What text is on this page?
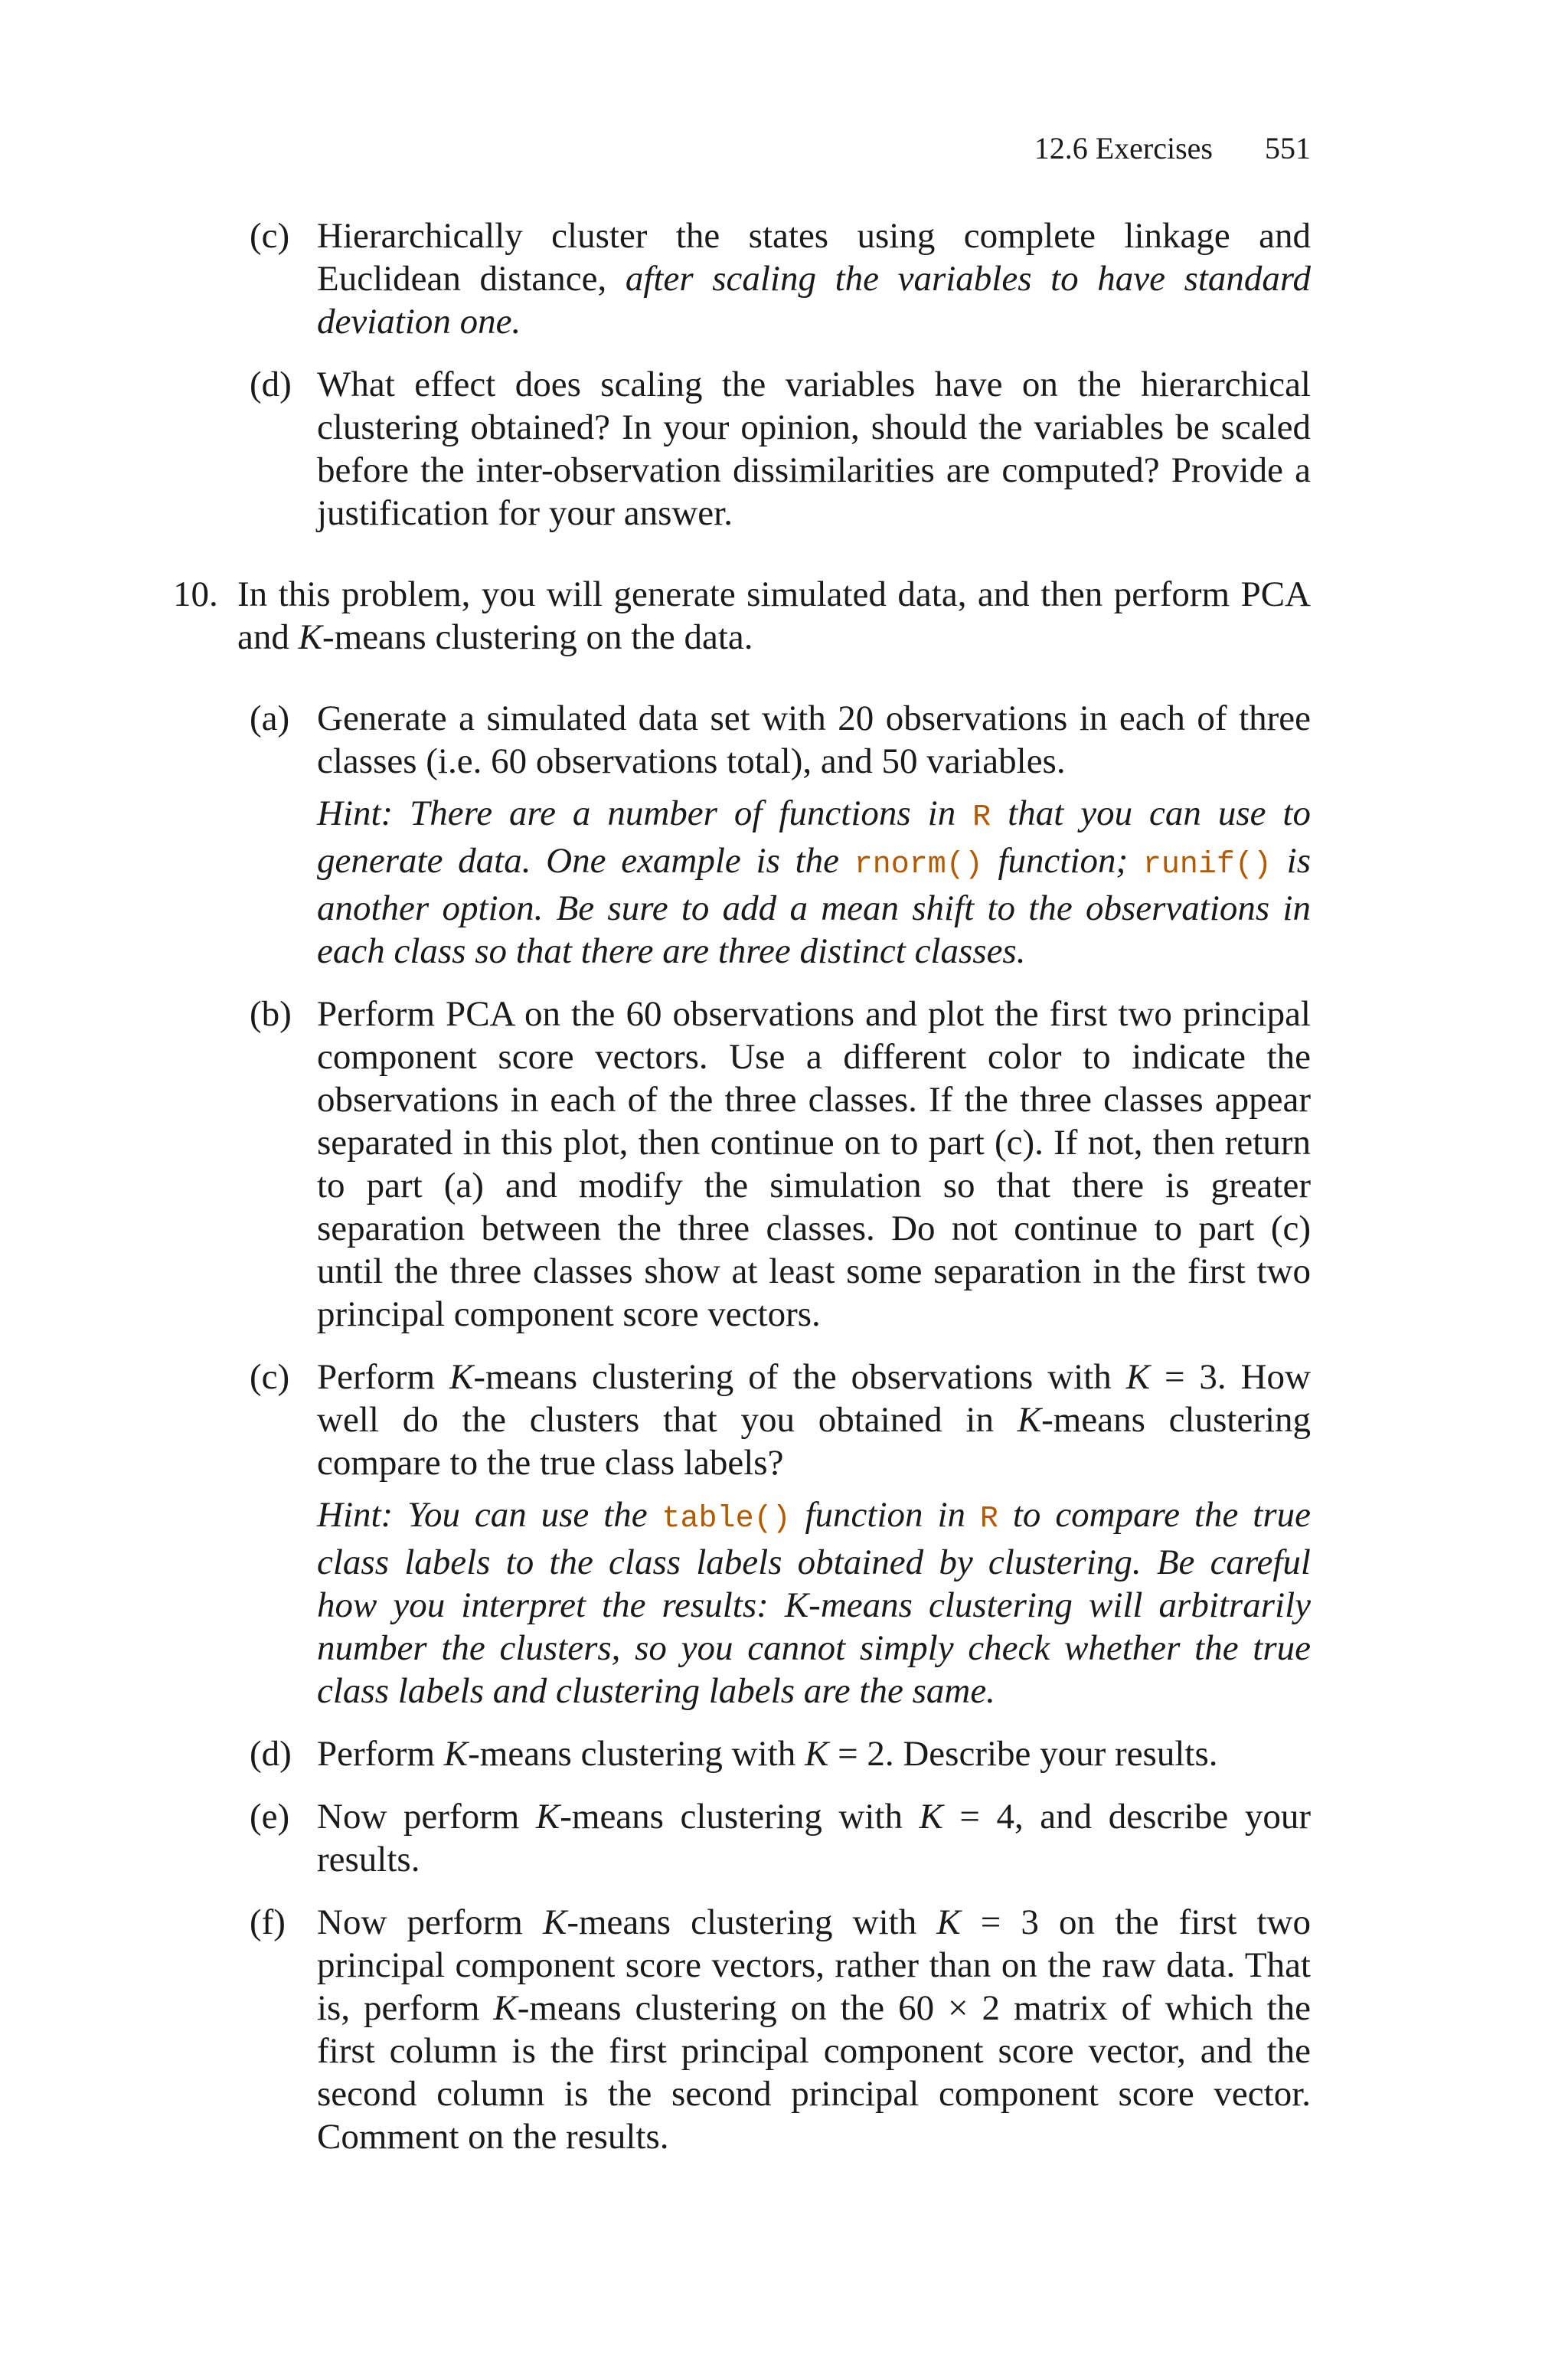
12.6 Exercises 551
(c) Hierarchically cluster the states using complete linkage and Euclidean distance, after scaling the variables to have standard deviation one.

(d) What effect does scaling the variables have on the hierarchical clustering obtained? In your opinion, should the variables be scaled before the inter-observation dissimilarities are computed? Provide a justification for your answer.

10. In this problem, you will generate simulated data, and then perform PCA and K-means clustering on the data.

(a) Generate a simulated data set with 20 observations in each of three classes (i.e. 60 observations total), and 50 variables.

Hint: There are a number of functions in R that you can use to generate data. One example is the rnorm() function; runif() is another option. Be sure to add a mean shift to the observations in each class so that there are three distinct classes.

(b) Perform PCA on the 60 observations and plot the first two principal component score vectors. Use a different color to indicate the observations in each of the three classes. If the three classes appear separated in this plot, then continue on to part (c). If not, then return to part (a) and modify the simulation so that there is greater separation between the three classes. Do not continue to part (c) until the three classes show at least some separation in the first two principal component score vectors.

(c) Perform K-means clustering of the observations with K = 3. How well do the clusters that you obtained in K-means clustering compare to the true class labels?

Hint: You can use the table() function in R to compare the true class labels to the class labels obtained by clustering. Be careful how you interpret the results: K-means clustering will arbitrarily number the clusters, so you cannot simply check whether the true class labels and clustering labels are the same.

(d) Perform K-means clustering with K = 2. Describe your results.

(e) Now perform K-means clustering with K = 4, and describe your results.

(f) Now perform K-means clustering with K = 3 on the first two principal component score vectors, rather than on the raw data. That is, perform K-means clustering on the 60 × 2 matrix of which the first column is the first principal component score vector, and the second column is the second principal component score vector. Comment on the results.
